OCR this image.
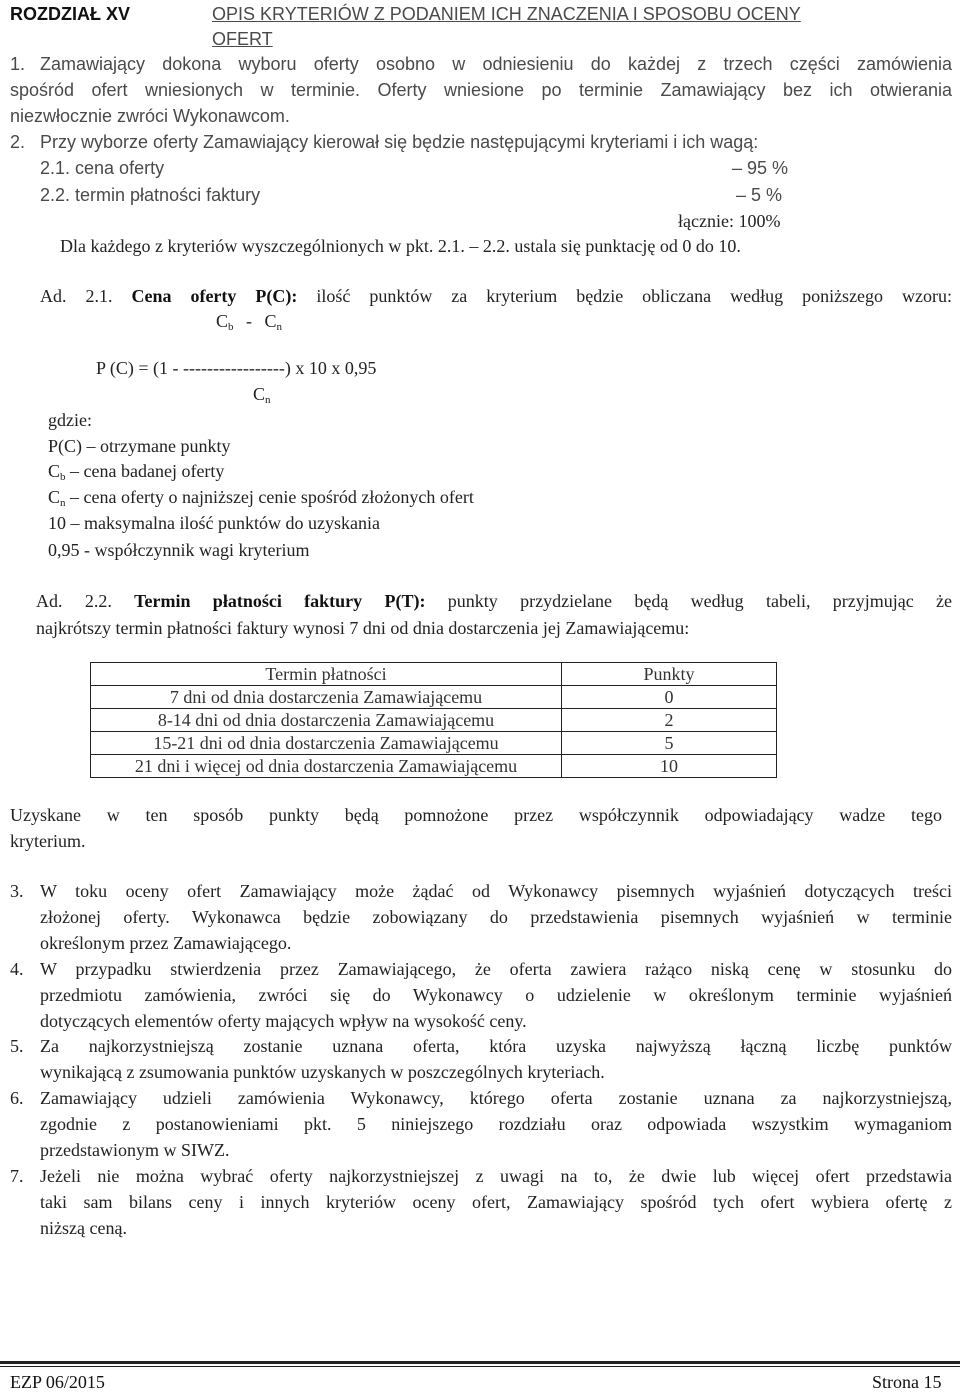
ROZDZIAŁ XV	OPIS KRYTERIÓW Z PODANIEM ICH ZNACZENIA I SPOSOBU OCENY
OFERT
1. Zamawiający dokona wyboru oferty osobno w odniesieniu do każdej z trzech części zamówienia
spośród ofert wniesionych w terminie. Oferty wniesione po terminie Zamawiający bez ich otwierania
niezwłocznie zwróci Wykonawcom.
2. Przy wyborze oferty Zamawiający kierował się będzie następującymi kryteriami i ich wagą:
2.1. cena oferty	– 95 %
2.2. termin płatności faktury	– 5 %
łącznie: 100%
Dla każdego z kryteriów wyszczególnionych w pkt. 2.1. – 2.2. ustala się punktację od 0 do 10.
Ad. 2.1. Cena oferty P(C): ilość punktów za kryterium będzie obliczana według poniższego wzoru:
$C_b - C_n$
P (C) = (1 - -----------------) x 10 x 0,95
$C_n$
gdzie:
P(C) – otrzymane punkty
$C_b$ – cena badanej oferty
$C_n$ – cena oferty o najniższej cenie spośród złożonych ofert
10 – maksymalna ilość punktów do uzyskania
0,95 - współczynnik wagi kryterium
Ad. 2.2. Termin płatności faktury P(T): punkty przydzielane będą według tabeli, przyjmując że
najkrótszy termin płatności faktury wynosi 7 dni od dnia dostarczenia jej Zamawiającemu:
Termin płatności	Punkty
7 dni od dnia dostarczenia Zamawiającemu	0
8-14 dni od dnia dostarczenia Zamawiającemu	2
15-21 dni od dnia dostarczenia Zamawiającemu	5
21 dni i więcej od dnia dostarczenia Zamawiającemu	10
Uzyskane w ten sposób punkty będą pomnożone przez współczynnik odpowiadający wadze tego
kryterium.
3. W toku oceny ofert Zamawiający może żądać od Wykonawcy pisemnych wyjaśnień dotyczących treści
złożonej oferty. Wykonawca będzie zobowiązany do przedstawienia pisemnych wyjaśnień w terminie
określonym przez Zamawiającego.
4. W przypadku stwierdzenia przez Zamawiającego, że oferta zawiera rażąco niską cenę w stosunku do
przedmiotu zamówienia, zwróci się do Wykonawcy o udzielenie w określonym terminie wyjaśnień
dotyczących elementów oferty mających wpływ na wysokość ceny.
5. Za najkorzystniejszą zostanie uznana oferta, która uzyska najwyższą łączną liczbę punktów
wynikającą z zsumowania punktów uzyskanych w poszczególnych kryteriach.
6. Zamawiający udzieli zamówienia Wykonawcy, którego oferta zostanie uznana za najkorzystniejszą,
zgodnie z postanowieniami pkt. 5 niniejszego rozdziału oraz odpowiada wszystkim wymaganiom
przedstawionym w SIWZ.
7. Jeżeli nie można wybrać oferty najkorzystniejszej z uwagi na to, że dwie lub więcej ofert przedstawia
taki sam bilans ceny i innych kryteriów oceny ofert, Zamawiający spośród tych ofert wybiera ofertę z
niższą ceną.
EZP 06/2015	Strona 15
